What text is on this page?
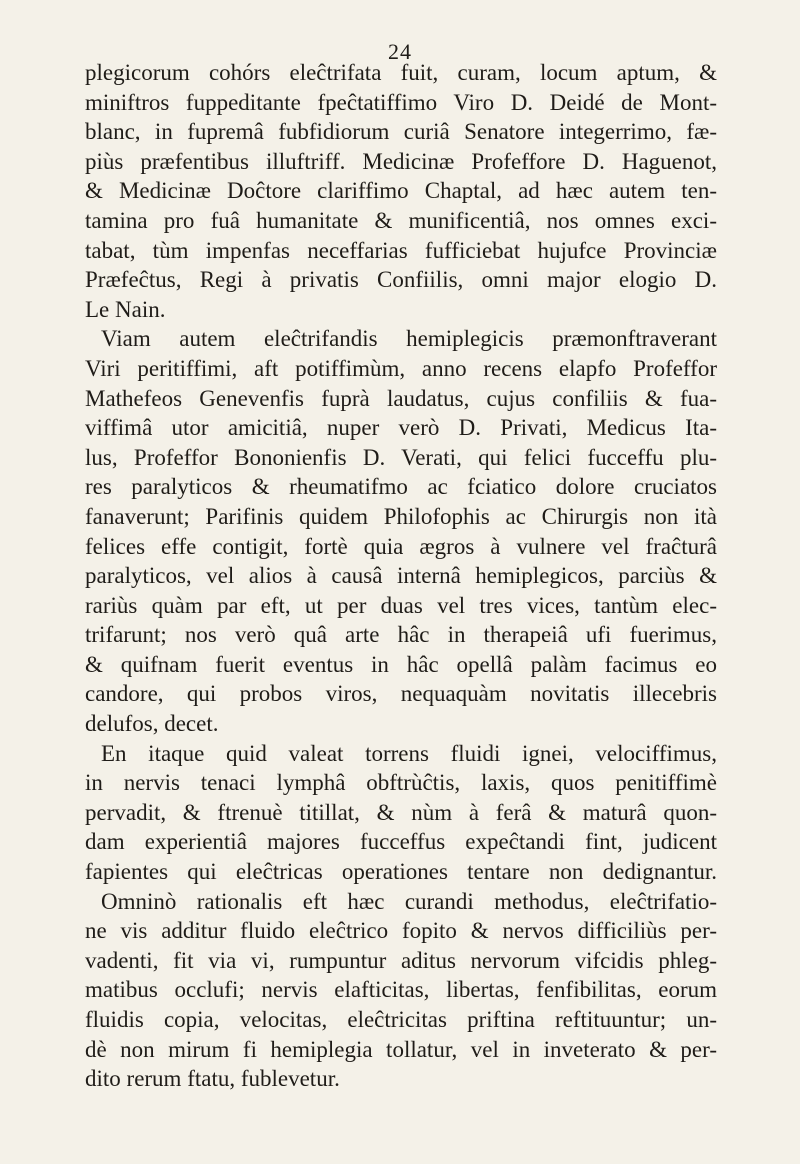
24
plegicorum cohórs eleĉtrifata fuit, curam, locum aptum, &
miniftros fuppeditante fpeĉtatiffimo Viro D. Deidé de Mont-
blanc, in fupremâ fubfidiorum curiâ Senatore integerrimo, fæ-
piùs præfentibus illuftriff. Medicinæ Profeffore D. Haguenot,
& Medicinæ Doĉtore clariffimo Chaptal, ad hæc autem ten-
tamina pro fuâ humanitate & munificentiâ, nos omnes exci-
tabat, tùm impenfas neceffarias fufficiebat hujufce Provinciæ
Præfeĉtus, Regi à privatis Confiilis, omni major elogio D.
Le Nain.
Viam autem eleĉtrifandis hemiplegicis præmonftraverant
Viri peritiffimi, aft potiffimùm, anno recens elapfo Profeffor
Mathefeos Genevenfis fuprà laudatus, cujus confiliis & fua-
viffimâ utor amicitiâ, nuper verò D. Privati, Medicus Ita-
lus, Profeffor Bononienfis D. Verati, qui felici fucceffu plu-
res paralyticos & rheumatifmo ac fciatico dolore cruciatos
fanaverunt; Parifinis quidem Philofophis ac Chirurgis non ità
felices effe contigit, fortè quia ægros à vulnere vel fraĉturâ
paralyticos, vel alios à causâ internâ hemiplegicos, parciùs &
rariùs quàm par eft, ut per duas vel tres vices, tantùm elec-
trifarunt; nos verò quâ arte hâc in therapeiâ ufi fuerimus,
& quifnam fuerit eventus in hâc opellâ palàm facimus eo
candore, qui probos viros, nequaquàm novitatis illecebris
delufos, decet.
En itaque quid valeat torrens fluidi ignei, velociffimus,
in nervis tenaci lymphâ obftrùĉtis, laxis, quos penitiffimè
pervadit, & ftrenuè titillat, & nùm à ferâ & maturâ quon-
dam experientiâ majores fucceffus expeĉtandi fint, judicent
fapientes qui eleĉtricas operationes tentare non dedignantur.
Omninò rationalis eft hæc curandi methodus, eleĉtrifatio-
ne vis additur fluido eleĉtrico fopito & nervos difficiliùs per-
vadenti, fit via vi, rumpuntur aditus nervorum vifcidis phleg-
matibus occlufi; nervis elafticitas, libertas, fenfibilitas, eorum
fluidis copia, velocitas, eleĉtricitas priftina reftituuntur; un-
dè non mirum fi hemiplegia tollatur, vel in inveterato & per-
dito rerum ftatu, fublevetur.
